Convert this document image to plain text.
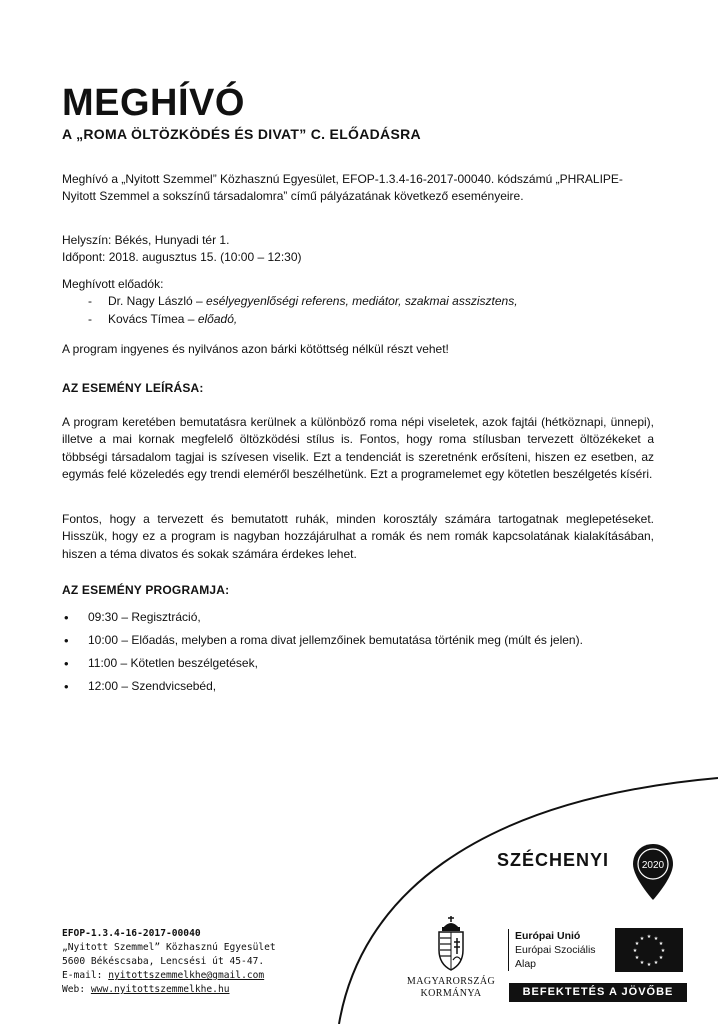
MEGHÍVÓ
A „ROMA ÖLTÖZKÖDÉS ÉS DIVAT” C. ELŐADÁSRA

Meghívó a „Nyitott Szemmel” Közhasznú Egyesület, EFOP-1.3.4-16-2017-00040. kódszámú „PHRALIPE-Nyitott Szemmel a sokszínű társadalomra” című pályázatának következő eseményeire.

Helyszín: Békés, Hunyadi tér 1.
Időpont: 2018. augusztus 15. (10:00 – 12:30)
Meghívott előadók:
- Dr. Nagy László – esélyegyenlőségi referens, mediátor, szakmai asszisztens,
- Kovács Tímea – előadó,

A program ingyenes és nyilvános azon bárki kötöttség nélkül részt vehet!

AZ ESEMÉNY LEÍRÁSA:

A program keretében bemutatásra kerülnek a különböző roma népi viseletek, azok fajtái (hétköznapi, ünnepi), illetve a mai kornak megfelelő öltözködési stílus is. Fontos, hogy roma stílusban tervezett öltözékeket a többségi társadalom tagjai is szívesen viselik. Ezt a tendenciát is szeretnénk erősíteni, hiszen ez esetben, az egymás felé közeledés egy trendi eleméről beszélhetünk. Ezt a programelemet egy kötetlen beszélgetés kíséri.

Fontos, hogy a tervezett és bemutatott ruhák, minden korosztály számára tartogatnak meglepetéseket. Hisszük, hogy ez a program is nagyban hozzájárulhat a romák és nem romák kapcsolatának kialakításában, hiszen a téma divatos és sokak számára érdekes lehet.

AZ ESEMÉNY PROGRAMJA:
• 09:30 – Regisztráció,
• 10:00 – Előadás, melyben a roma divat jellemzőinek bemutatása történik meg (múlt és jelen).
• 11:00 – Kötetlen beszélgetések,
• 12:00 – Szendvicsebéd,
EFOP-1.3.4-16-2017-00040
„Nyitott Szemmel” Közhasznú Egyesület
5600 Békéscsaba, Lencsési út 45-47.
E-mail: nyitottszemmelkhe@gmail.com
Web: www.nyitottszemmelkhe.hu
SZÉCHENYI	2020
MAGYARORSZÁG
KORMÁNYA
Európai Unió
Európai Szociális
Alap
★ ★
★
★
★
★
★
★
★
★
★
★
BEFEKTETÉS A JÖVŐBE
